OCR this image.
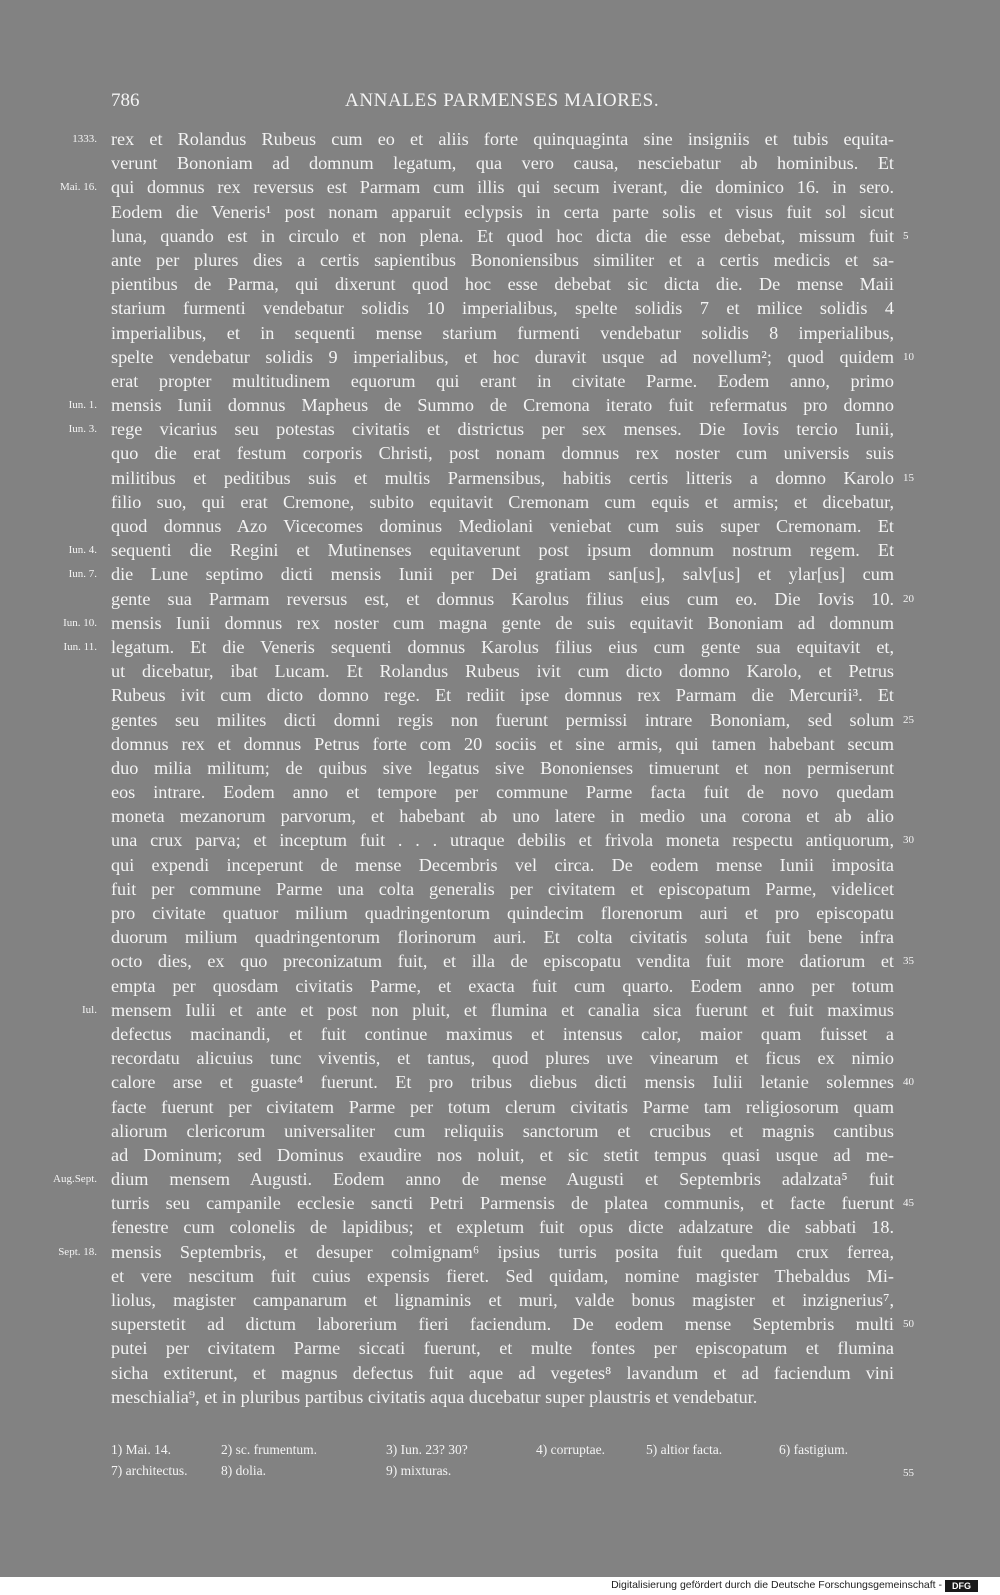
786	ANNALES PARMENSES MAIORES.
1333. rex et Rolandus Rubeus cum eo et aliis forte quinquaginta sine insigniis et tubis equita-
verunt Bononiam ad domnum legatum, qua vero causa, nesciebatur ab hominibus. Et
Mai. 16. qui domnus rex reversus est Parmam cum illis qui secum iverant, die dominico 16. in sero.
Eodem die Veneris¹ post nonam apparuit eclypsis in certa parte solis et visus fuit sol sicut
luna, quando est in circulo et non plena. Et quod hoc dicta die esse debebat, missum fuit 5
ante per plures dies a certis sapientibus Bononiensibus similiter et a certis medicis et sa-
pientibus de Parma, qui dixerunt quod hoc esse debebat sic dicta die. De mense Maii
starium furmenti vendebatur solidis 10 imperialibus, spelte solidis 7 et milice solidis 4
imperialibus, et in sequenti mense starium furmenti vendebatur solidis 8 imperialibus,
spelte vendebatur solidis 9 imperialibus, et hoc duravit usque ad novellum²; quod quidem 10
erat propter multitudinem equorum qui erant in civitate Parme. Eodem anno, primo
Iun. 1. mensis Iunii domnus Mapheus de Summo de Cremona iterato fuit refermatus pro domno
Iun. 3. rege vicarius seu potestas civitatis et districtus per sex menses. Die Iovis tercio Iunii,
quo die erat festum corporis Christi, post nonam domnus rex noster cum universis suis
militibus et peditibus suis et multis Parmensibus, habitis certis litteris a domno Karolo 15
filio suo, qui erat Cremone, subito equitavit Cremonam cum equis et armis; et dicebatur,
quod domnus Azo Vicecomes dominus Mediolani veniebat cum suis super Cremonam. Et
Iun. 4. sequenti die Regini et Mutinenses equitaverunt post ipsum domnum nostrum regem. Et
Iun. 7. die Lune septimo dicti mensis Iunii per Dei gratiam san[us], salv[us] et ylar[us] cum
gente sua Parmam reversus est, et domnus Karolus filius eius cum eo. Die Iovis 10. 20
Iun. 10. mensis Iunii domnus rex noster cum magna gente de suis equitavit Bononiam ad domnum
Iun. 11. legatum. Et die Veneris sequenti domnus Karolus filius eius cum gente sua equitavit et,
ut dicebatur, ibat Lucam. Et Rolandus Rubeus ivit cum dicto domno Karolo, et Petrus
Rubeus ivit cum dicto domno rege. Et rediit ipse domnus rex Parmam die Mercurii³. Et
gentes seu milites dicti domni regis non fuerunt permissi intrare Bononiam, sed solum 25
domnus rex et domnus Petrus forte com 20 sociis et sine armis, qui tamen habebant secum
duo milia militum; de quibus sive legatus sive Bononienses timuerunt et non permiserunt
eos intrare. Eodem anno et tempore per commune Parme facta fuit de novo quedam
moneta mezanorum parvorum, et habebant ab uno latere in medio una corona et ab alio
una crux parva; et inceptum fuit . . . utraque debilis et frivola moneta respectu antiquorum, 30
qui expendi inceperunt de mense Decembris vel circa. De eodem mense Iunii imposita
fuit per commune Parme una colta generalis per civitatem et episcopatum Parme, videlicet
pro civitate quatuor milium quadringentorum quindecim florenorum auri et pro episcopatu
duorum milium quadringentorum florinorum auri. Et colta civitatis soluta fuit bene infra
octo dies, ex quo preconizatum fuit, et illa de episcopatu vendita fuit more datiorum et 35
empta per quosdam civitatis Parme, et exacta fuit cum quarto. Eodem anno per totum
Iul. mensem Iulii et ante et post non pluit, et flumina et canalia sica fuerunt et fuit maximus
defectus macinandi, et fuit continue maximus et intensus calor, maior quam fuisset a
recordatu alicuius tunc viventis, et tantus, quod plures uve vinearum et ficus ex nimio
calore arse et guaste⁴ fuerunt. Et pro tribus diebus dicti mensis Iulii letanie solemnes 40
facte fuerunt per civitatem Parme per totum clerum civitatis Parme tam religiosorum quam
aliorum clericorum universaliter cum reliquiis sanctorum et crucibus et magnis cantibus
ad Dominum; sed Dominus exaudire nos noluit, et sic stetit tempus quasi usque ad me-
Aug.Sept. dium mensem Augusti. Eodem anno de mense Augusti et Septembris adalzata⁵ fuit
turris seu campanile ecclesie sancti Petri Parmensis de platea communis, et facte fuerunt 45
fenestre cum colonelis de lapidibus; et expletum fuit opus dicte adalzature die sabbati 18.
Sept. 18. mensis Septembris, et desuper colmignam⁶ ipsius turris posita fuit quedam crux ferrea,
et vere nescitum fuit cuius expensis fieret. Sed quidam, nomine magister Thebaldus Mi-
liolus, magister campanarum et lignaminis et muri, valde bonus magister et inzignerius⁷,
superstetit ad dictum laborerium fieri faciendum. De eodem mense Septembris multi 50
putei per civitatem Parme siccati fuerunt, et multe fontes per episcopatum et flumina
sicha extiterunt, et magnus defectus fuit aque ad vegetes⁸ lavandum et ad faciendum vini
meschialia⁹, et in pluribus partibus civitatis aqua ducebatur super plaustris et vendebatur.
1) Mai. 14.	2) sc. frumentum.	3) Iun. 23? 30?	4) corruptae.	5) altior facta.	6) fastigium.
7) architectus. 8) dolia.	9) mixturas.	55
Digitalisierung gefördert durch die Deutsche Forschungsgemeinschaft -	DFG
